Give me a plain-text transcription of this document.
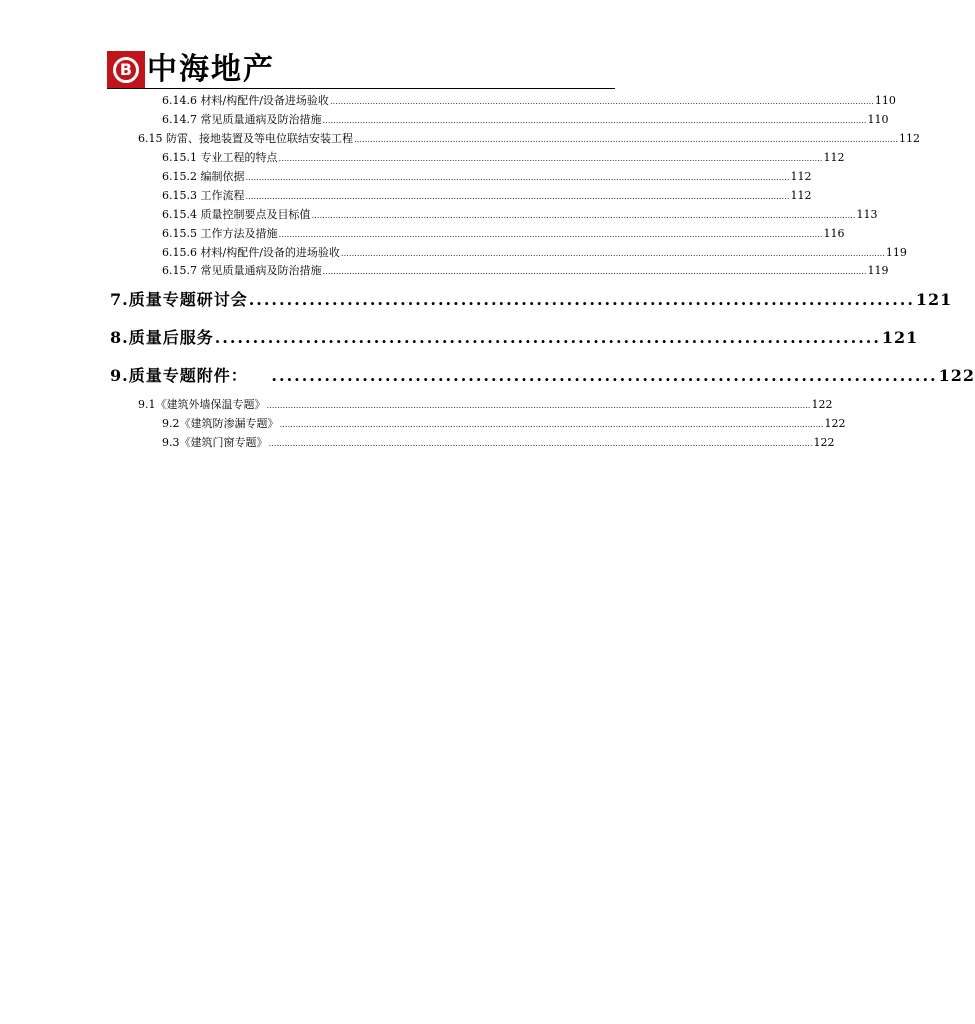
B 中海地产
6.14.6 材料/构配件/设备进场验收 …………………………………………………………………………………………………………………………………………………………………………………… 110
6.14.7 常见质量通病及防治措施 …………………………………………………………………………………………………………………………………………………………………………………… 110
6.15 防雷、接地装置及等电位联结安装工程 …………………………………………………………………………………………………………………………………………………………………………………… 112
6.15.1 专业工程的特点 …………………………………………………………………………………………………………………………………………………………………………………… 112
6.15.2 编制依据 …………………………………………………………………………………………………………………………………………………………………………………… 112
6.15.3 工作流程 …………………………………………………………………………………………………………………………………………………………………………………… 112
6.15.4 质量控制要点及目标值 …………………………………………………………………………………………………………………………………………………………………………………… 113
6.15.5 工作方法及措施 …………………………………………………………………………………………………………………………………………………………………………………… 116
6.15.6 材料/构配件/设备的进场验收 …………………………………………………………………………………………………………………………………………………………………………………… 119
6.15.7 常见质量通病及防治措施 …………………………………………………………………………………………………………………………………………………………………………………… 119
7.质量专题研讨会 ........................................................................................ 121
8.质量后服务 ........................................................................................ 121
9.质量专题附件： ........................................................................................ 122
9.1《建筑外墙保温专题》 …………………………………………………………………………………………………………………………………………………………………………………… 122
9.2《建筑防渗漏专题》 …………………………………………………………………………………………………………………………………………………………………………………… 122
9.3《建筑门窗专题》 …………………………………………………………………………………………………………………………………………………………………………………… 122
